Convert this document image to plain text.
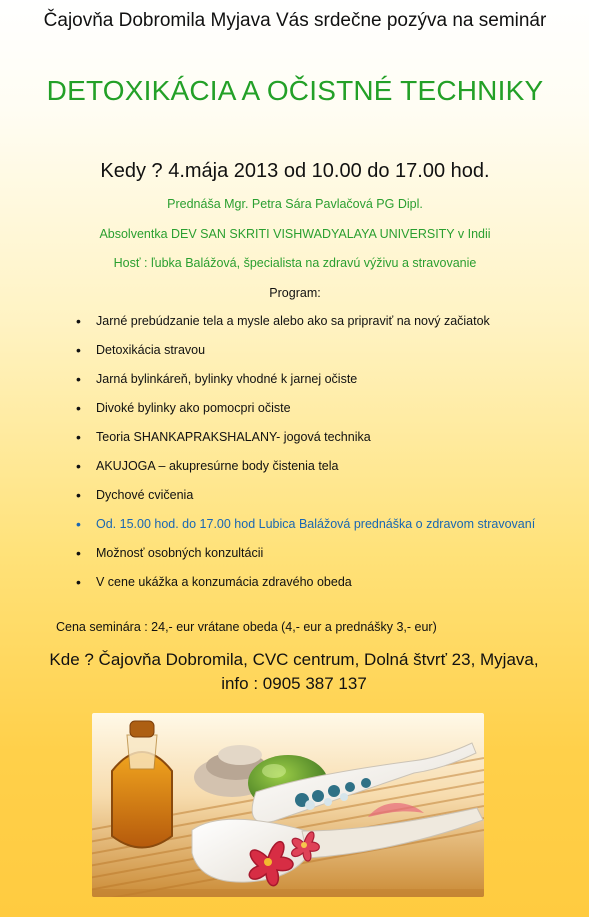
Čajovňa Dobromila Myjava Vás srdečne pozýva na seminár
DETOXIKÁCIA A OČISTNÉ TECHNIKY
Kedy ? 4.mája 2013 od 10.00 do 17.00 hod.
Prednáša Mgr. Petra Sára Pavlačová PG Dipl.
Absolventka DEV SAN SKRITI VISHWADYALAYA UNIVERSITY v Indii
Hosť : ľubka Balážová, špecialista na zdravú výživu a stravovanie
Program:
• Jarné prebúdzanie tela a mysle alebo ako sa pripraviť na nový začiatok
• Detoxikácia stravou
• Jarná bylinkáreň, bylinky vhodné k jarnej očiste
• Divoké bylinky ako pomocpri očiste
• Teoria SHANKAPRAKSHALANY- jogová technika
• AKUJOGA – akupresúrne body čistenia tela
• Dychové cvičenia
• Od. 15.00 hod. do 17.00 hod Lubica Balážová prednáška o zdravom stravovaní
• Možnosť osobných konzultácii
• V cene ukážka a konzumácia zdravého obeda
Cena seminára : 24,- eur vrátane obeda (4,- eur a prednášky 3,- eur)
Kde ? Čajovňa Dobromila, CVC centrum, Dolná štvrť 23, Myjava, info : 0905 387 137
